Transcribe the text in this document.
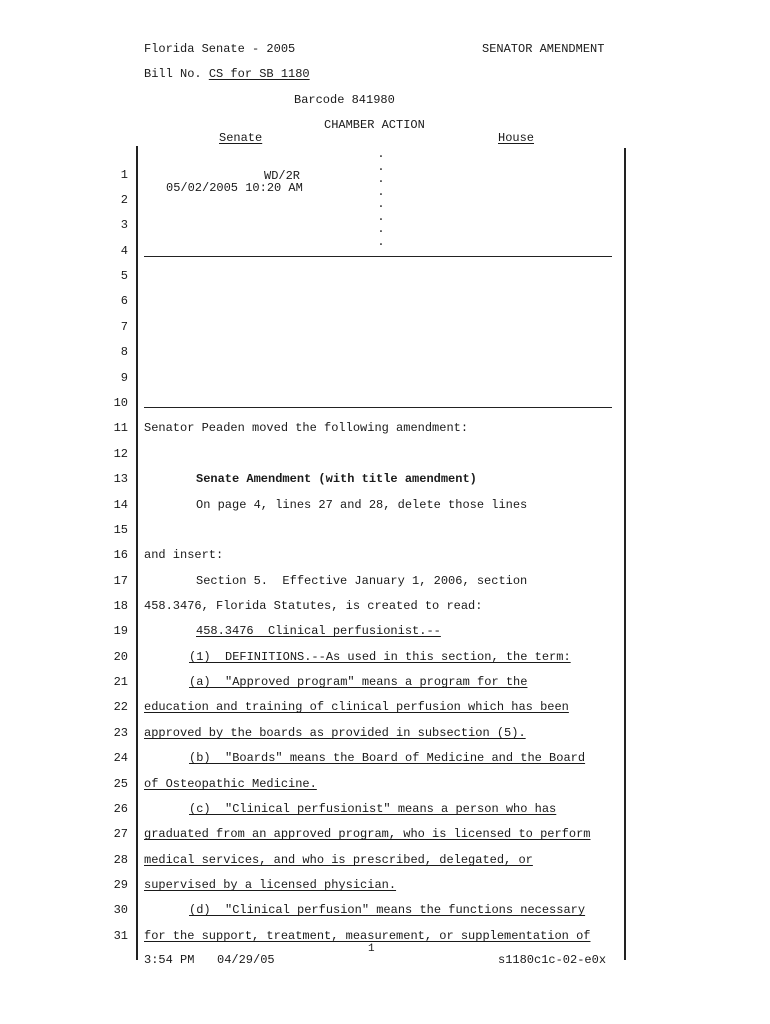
Florida Senate - 2005	SENATOR AMENDMENT
Bill No. CS for SB 1180
Barcode 841980
CHAMBER ACTION
Senate	House
WD/2R
05/02/2005 10:20 AM
.
.
.
.
.
.
.
.
1
2
3
4
5
6
7
8
9
10
11
12
13
14
15
16
17
18
19
20
21
22
23
24
25
26
27
28
29
30
31
Senator Peaden moved the following amendment:
Senate Amendment (with title amendment)
On page 4, lines 27 and 28, delete those lines
and insert:
Section 5.  Effective January 1, 2006, section
458.3476, Florida Statutes, is created to read:
458.3476  Clinical perfusionist.--
(1)  DEFINITIONS.--As used in this section, the term:
(a)  "Approved program" means a program for the
education and training of clinical perfusion which has been
approved by the boards as provided in subsection (5).
(b)  "Boards" means the Board of Medicine and the Board
of Osteopathic Medicine.
(c)  "Clinical perfusionist" means a person who has
graduated from an approved program, who is licensed to perform
medical services, and who is prescribed, delegated, or
supervised by a licensed physician.
(d)  "Clinical perfusion" means the functions necessary
for the support, treatment, measurement, or supplementation of
1
3:54 PM 04/29/05	s1180c1c-02-e0x
